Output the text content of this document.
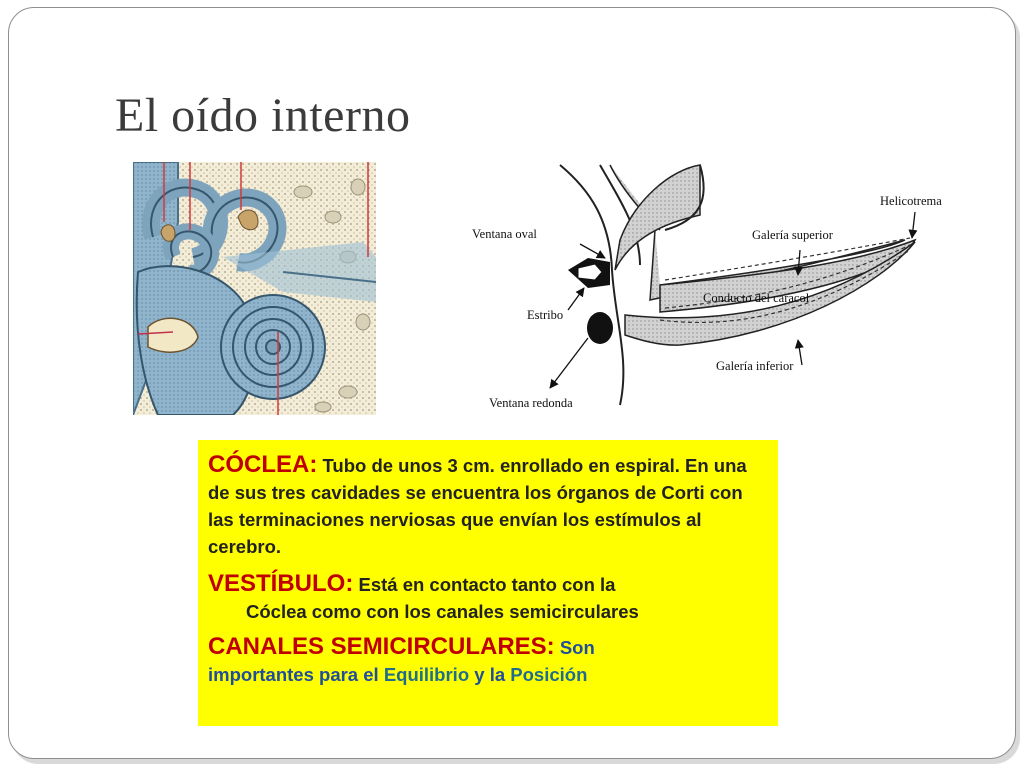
El oído interno
Ventana oval
Estribo
Ventana redonda
Helicotrema
Galería superior
Conducto del caracol
Galería inferior
CÓCLEA: Tubo de unos 3 cm. enrollado en espiral. En una de sus tres cavidades se encuentra los órganos de Corti con las terminaciones nerviosas que envían los estímulos al cerebro.
VESTÍBULO: Está en contacto tanto con la
Cóclea como con los canales semicirculares
CANALES SEMICIRCULARES: Son
importantes para el Equilibrio y la Posición
